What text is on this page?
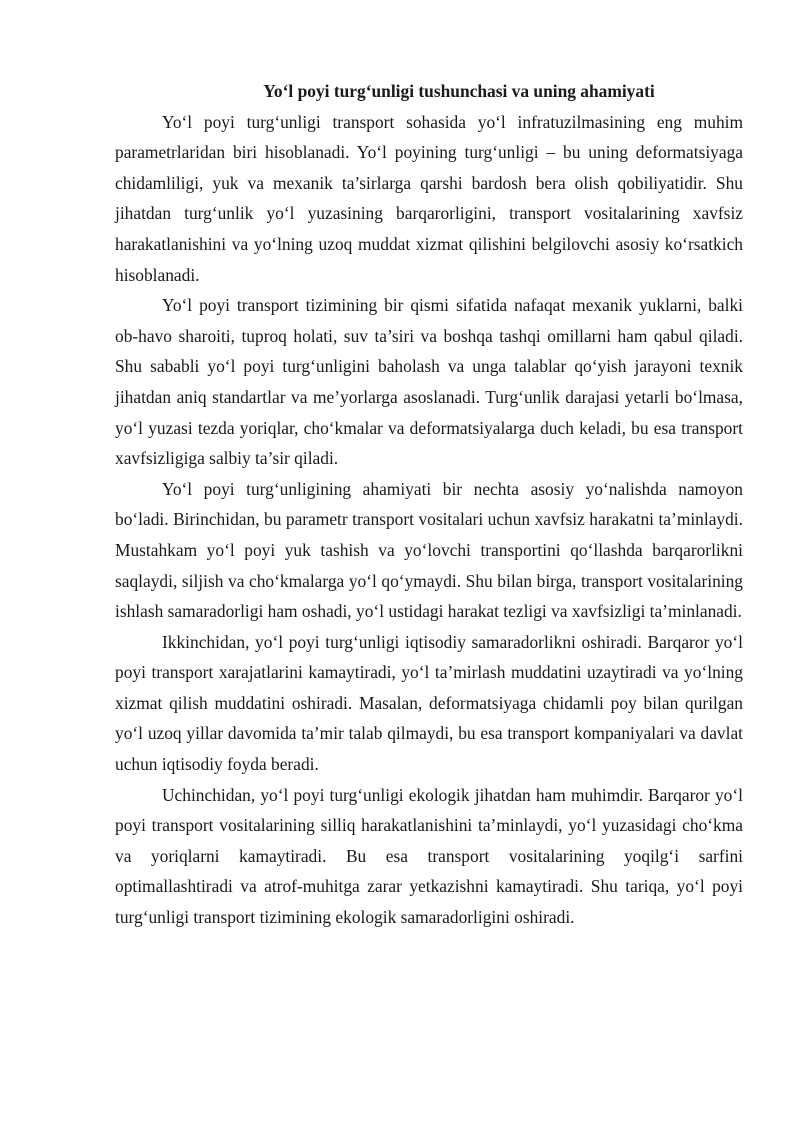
Yo‘l poyi turg‘unligi tushunchasi va uning ahamiyati

Yo‘l poyi turg‘unligi transport sohasida yo‘l infratuzilmasining eng muhim parametrlaridan biri hisoblanadi. Yo‘l poyining turg‘unligi – bu uning deformatsiyaga chidamliligi, yuk va mexanik ta’sirlarga qarshi bardosh bera olish qobiliyatidir. Shu jihatdan turg‘unlik yo‘l yuzasining barqarorligini, transport vositalarining xavfsiz harakatlanishini va yo‘lning uzoq muddat xizmat qilishini belgilovchi asosiy ko‘rsatkich hisoblanadi.

Yo‘l poyi transport tizimining bir qismi sifatida nafaqat mexanik yuklarni, balki ob-havo sharoiti, tuproq holati, suv ta’siri va boshqa tashqi omillarni ham qabul qiladi. Shu sababli yo‘l poyi turg‘unligini baholash va unga talablar qo‘yish jarayoni texnik jihatdan aniq standartlar va me’yorlarga asoslanadi. Turg‘unlik darajasi yetarli bo‘lmasa, yo‘l yuzasi tezda yoriqlar, cho‘kmalar va deformatsiyalarga duch keladi, bu esa transport xavfsizligiga salbiy ta’sir qiladi.

Yo‘l poyi turg‘unligining ahamiyati bir nechta asosiy yo‘nalishda namoyon bo‘ladi. Birinchidan, bu parametr transport vositalari uchun xavfsiz harakatni ta’minlaydi. Mustahkam yo‘l poyi yuk tashish va yo‘lovchi transportini qo‘llashda barqarorlikni saqlaydi, siljish va cho‘kmalarga yo‘l qo‘ymaydi. Shu bilan birga, transport vositalarining ishlash samaradorligi ham oshadi, yo‘l ustidagi harakat tezligi va xavfsizligi ta’minlanadi.

Ikkinchidan, yo‘l poyi turg‘unligi iqtisodiy samaradorlikni oshiradi. Barqaror yo‘l poyi transport xarajatlarini kamaytiradi, yo‘l ta’mirlash muddatini uzaytiradi va yo‘lning xizmat qilish muddatini oshiradi. Masalan, deformatsiyaga chidamli poy bilan qurilgan yo‘l uzoq yillar davomida ta’mir talab qilmaydi, bu esa transport kompaniyalari va davlat uchun iqtisodiy foyda beradi.

Uchinchidan, yo‘l poyi turg‘unligi ekologik jihatdan ham muhimdir. Barqaror yo‘l poyi transport vositalarining silliq harakatlanishini ta’minlaydi, yo‘l yuzasidagi cho‘kma va yoriqlarni kamaytiradi. Bu esa transport vositalarining yoqilg‘i sarfini optimallashtiradi va atrof-muhitga zarar yetkazishni kamaytiradi. Shu tariqa, yo‘l poyi turg‘unligi transport tizimining ekologik samaradorligini oshiradi.
